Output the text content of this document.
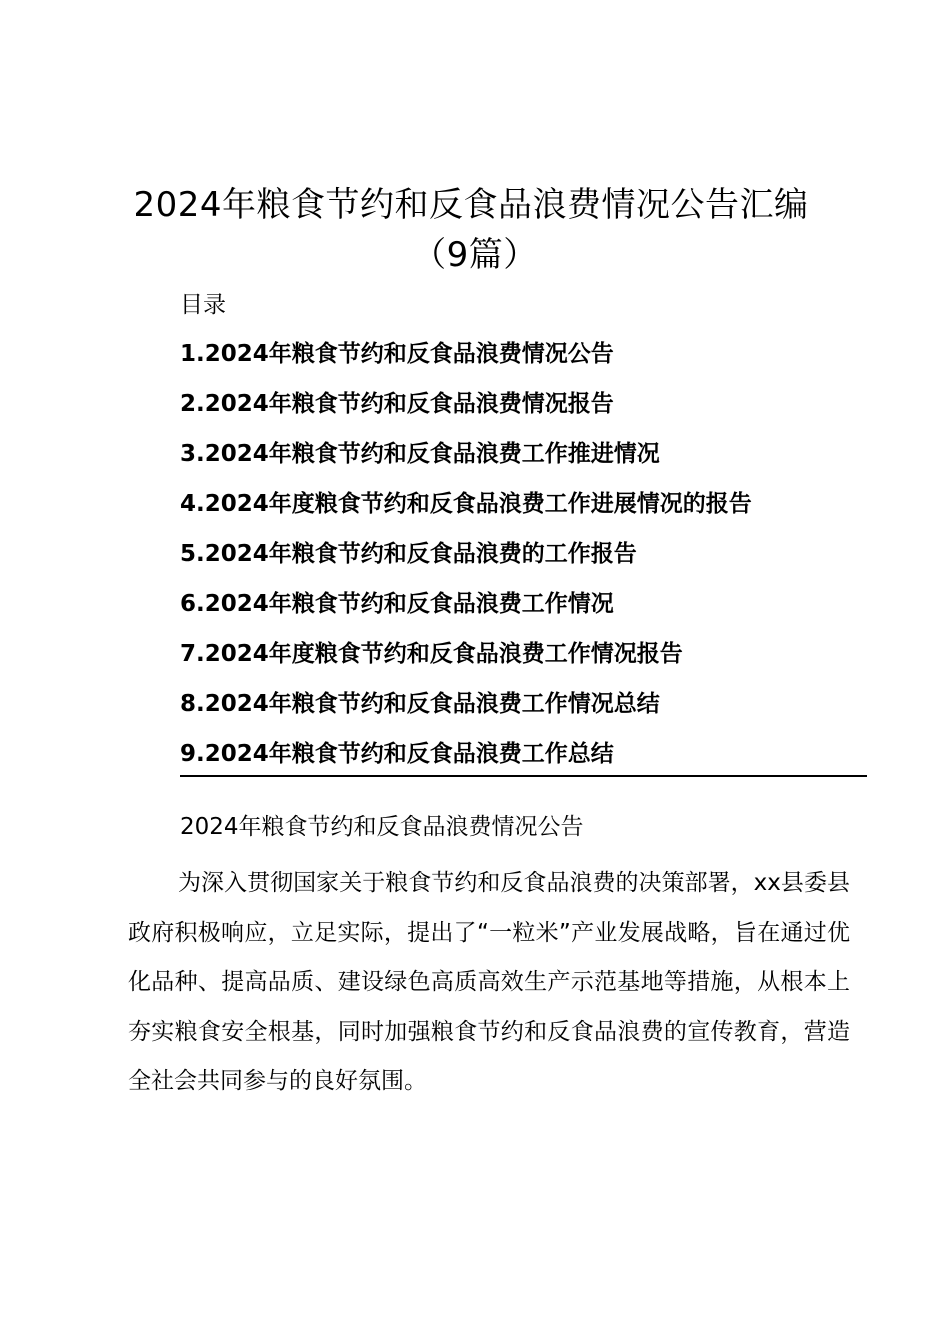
2024年粮食节约和反食品浪费情况公告汇编
（9篇）
目录
1.2024年粮食节约和反食品浪费情况公告
2.2024年粮食节约和反食品浪费情况报告
3.2024年粮食节约和反食品浪费工作推进情况
4.2024年度粮食节约和反食品浪费工作进展情况的报告
5.2024年粮食节约和反食品浪费的工作报告
6.2024年粮食节约和反食品浪费工作情况
7.2024年度粮食节约和反食品浪费工作情况报告
8.2024年粮食节约和反食品浪费工作情况总结
9.2024年粮食节约和反食品浪费工作总结
2024年粮食节约和反食品浪费情况公告

为深入贯彻国家关于粮食节约和反食品浪费的决策部署，xx县委县政府积极响应，立足实际，提出了“一粒米”产业发展战略，旨在通过优化品种、提高品质、建设绿色高质高效生产示范基地等措施，从根本上夯实粮食安全根基，同时加强粮食节约和反食品浪费的宣传教育，营造全社会共同参与的良好氛围。
